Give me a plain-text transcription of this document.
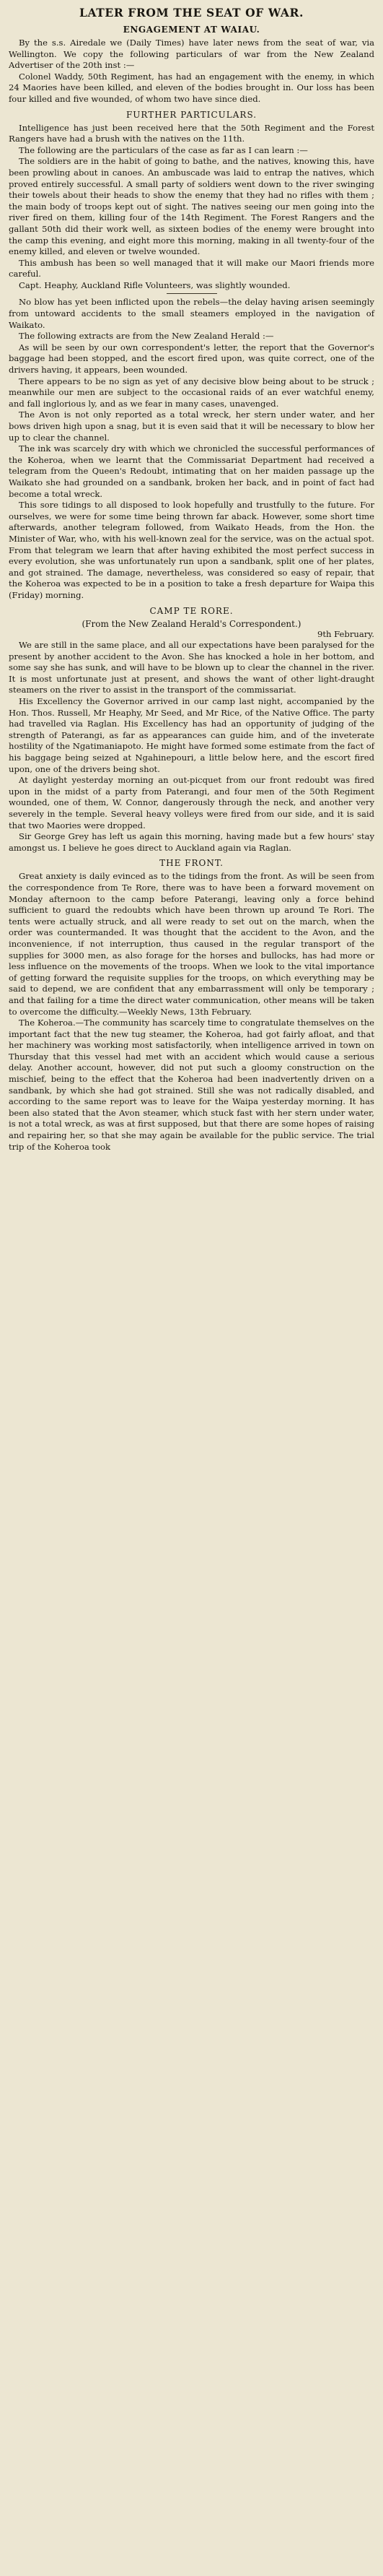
LATER FROM THE SEAT OF WAR.
ENGAGEMENT AT WAIAU.

By the s.s. Airedale we (Daily Times) have later news from the seat of war, via Wellington. We copy the following particulars of war from the New Zealand Advertiser of the 20th inst :—

Colonel Waddy, 50th Regiment, has had an engagement with the enemy, in which 24 Maories have been killed, and eleven of the bodies brought in. Our loss has been four killed and five wounded, of whom two have since died.

FURTHER PARTICULARS.

Intelligence has just been received here that the 50th Regiment and the Forest Rangers have had a brush with the natives on the 11th.

The following are the particulars of the case as far as I can learn :—

The soldiers are in the habit of going to bathe, and the natives, knowing this, have been prowling about in canoes. An ambuscade was laid to entrap the natives, which proved entirely successful. A small party of soldiers went down to the river swinging their towels about their heads to show the enemy that they had no rifles with them ; the main body of troops kept out of sight. The natives seeing our men going into the river fired on them, killing four of the 14th Regiment. The Forest Rangers and the gallant 50th did their work well, as sixteen bodies of the enemy were brought into the camp this evening, and eight more this morning, making in all twenty-four of the enemy killed, and eleven or twelve wounded.

This ambush has been so well managed that it will make our Maori friends more careful.

Capt. Heaphy, Auckland Rifle Volunteers, was slightly wounded.

No blow has yet been inflicted upon the rebels—the delay having arisen seemingly from untoward accidents to the small steamers employed in the navigation of Waikato.

The following extracts are from the New Zealand Herald :—

As will be seen by our own correspondent's letter, the report that the Governor's baggage had been stopped, and the escort fired upon, was quite correct, one of the drivers having, it appears, been wounded.

There appears to be no sign as yet of any decisive blow being about to be struck ; meanwhile our men are subject to the occasional raids of an ever watchful enemy, and fall inglorious ly, and as we fear in many cases, unavenged.

The Avon is not only reported as a total wreck, her stern under water, and her bows driven high upon a snag, but it is even said that it will be necessary to blow her up to clear the channel.

The ink was scarcely dry with which we chronicled the successful performances of the Koheroa, when we learnt that the Commissariat Department had received a telegram from the Queen's Redoubt, intimating that on her maiden passage up the Waikato she had grounded on a sandbank, broken her back, and in point of fact had become a total wreck.

This sore tidings to all disposed to look hopefully and trustfully to the future. For ourselves, we were for some time being thrown far aback. However, some short time afterwards, another telegram followed, from Waikato Heads, from the Hon. the Minister of War, who, with his well-known zeal for the service, was on the actual spot. From that telegram we learn that after having exhibited the most perfect success in every evolution, she was unfortunately run upon a sandbank, split one of her plates, and got strained. The damage, nevertheless, was considered so easy of repair, that the Koheroa was expected to be in a position to take a fresh departure for Waipa this (Friday) morning.

CAMP TE RORE.
(From the New Zealand Herald's Correspondent.)

9th February.

We are still in the same place, and all our expectations have been paralysed for the present by another accident to the Avon. She has knocked a hole in her bottom, and some say she has sunk, and will have to be blown up to clear the channel in the river. It is most unfortunate just at present, and shows the want of other light-draught steamers on the river to assist in the transport of the commissariat.

His Excellency the Governor arrived in our camp last night, accompanied by the Hon. Thos. Russell, Mr Heaphy, Mr Seed, and Mr Rice, of the Native Office. The party had travelled via Raglan. His Excellency has had an opportunity of judging of the strength of Paterangi, as far as appearances can guide him, and of the inveterate hostility of the Ngatimaniapoto. He might have formed some estimate from the fact of his baggage being seized at Ngahinepouri, a little below here, and the escort fired upon, one of the drivers being shot.

At daylight yesterday morning an out-picquet from our front redoubt was fired upon in the midst of a party from Paterangi, and four men of the 50th Regiment wounded, one of them, W. Connor, dangerously through the neck, and another very severely in the temple. Several heavy volleys were fired from our side, and it is said that two Maories were dropped.

Sir George Grey has left us again this morning, having made but a few hours' stay amongst us. I believe he goes direct to Auckland again via Raglan.

THE FRONT.

Great anxiety is daily evinced as to the tidings from the front. As will be seen from the correspondence from Te Rore, there was to have been a forward movement on Monday afternoon to the camp before Paterangi, leaving only a force behind sufficient to guard the redoubts which have been thrown up around Te Rori. The tents were actually struck, and all were ready to set out on the march, when the order was countermanded. It was thought that the accident to the Avon, and the inconvenience, if not interruption, thus caused in the regular transport of the supplies for 3000 men, as also forage for the horses and bullocks, has had more or less influence on the movements of the troops. When we look to the vital importance of getting forward the requisite supplies for the troops, on which everything may be said to depend, we are confident that any embarrassment will only be temporary ; and that failing for a time the direct water communication, other means will be taken to overcome the difficulty.—Weekly News, 13th February.

The Koheroa.—The community has scarcely time to congratulate themselves on the important fact that the new tug steamer, the Koheroa, had got fairly afloat, and that her machinery was working most satisfactorily, when intelligence arrived in town on Thursday that this vessel had met with an accident which would cause a serious delay. Another account, however, did not put such a gloomy construction on the mischief, being to the effect that the Koheroa had been inadvertently driven on a sandbank, by which she had got strained. Still she was not radically disabled, and according to the same report was to leave for the Waipa yesterday morning. It has been also stated that the Avon steamer, which stuck fast with her stern under water, is not a total wreck, as was at first supposed, but that there are some hopes of raising and repairing her, so that she may again be available for the public service. The trial trip of the Koheroa took
